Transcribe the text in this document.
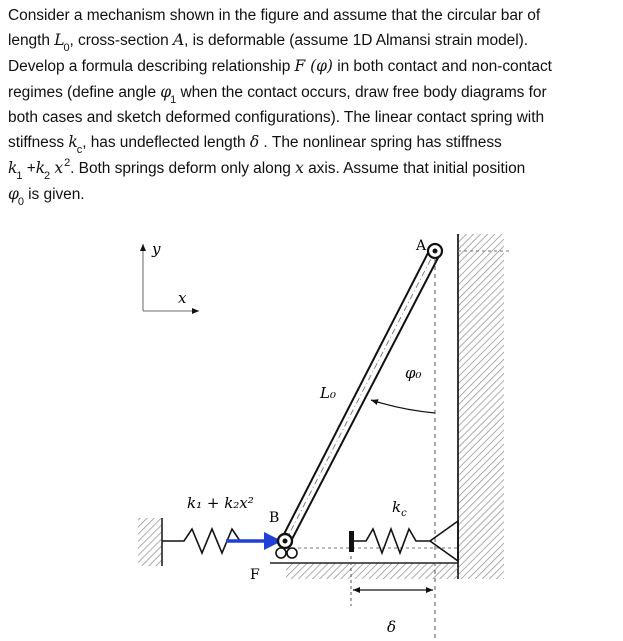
Consider a mechanism shown in the figure and assume that the circular bar of
length $L_0$, cross-section A, is deformable (assume 1D Almansi strain model).
Develop a formula describing relationship F (φ) in both contact and non-contact
regimes (define angle $\varphi_1$ when the contact occurs, draw free body diagrams for
both cases and sketch deformed configurations). The linear contact spring with
stiffness $k_c$, has undeflected length δ . The nonlinear spring has stiffness
$k_1 +k_2$ $x^2$. Both springs deform only along x axis. Assume that initial position
$\varphi_0$ is given.
y
x
A
φ₀
L₀
k₁ + k₂x²
F
B
$k_c$
δ
